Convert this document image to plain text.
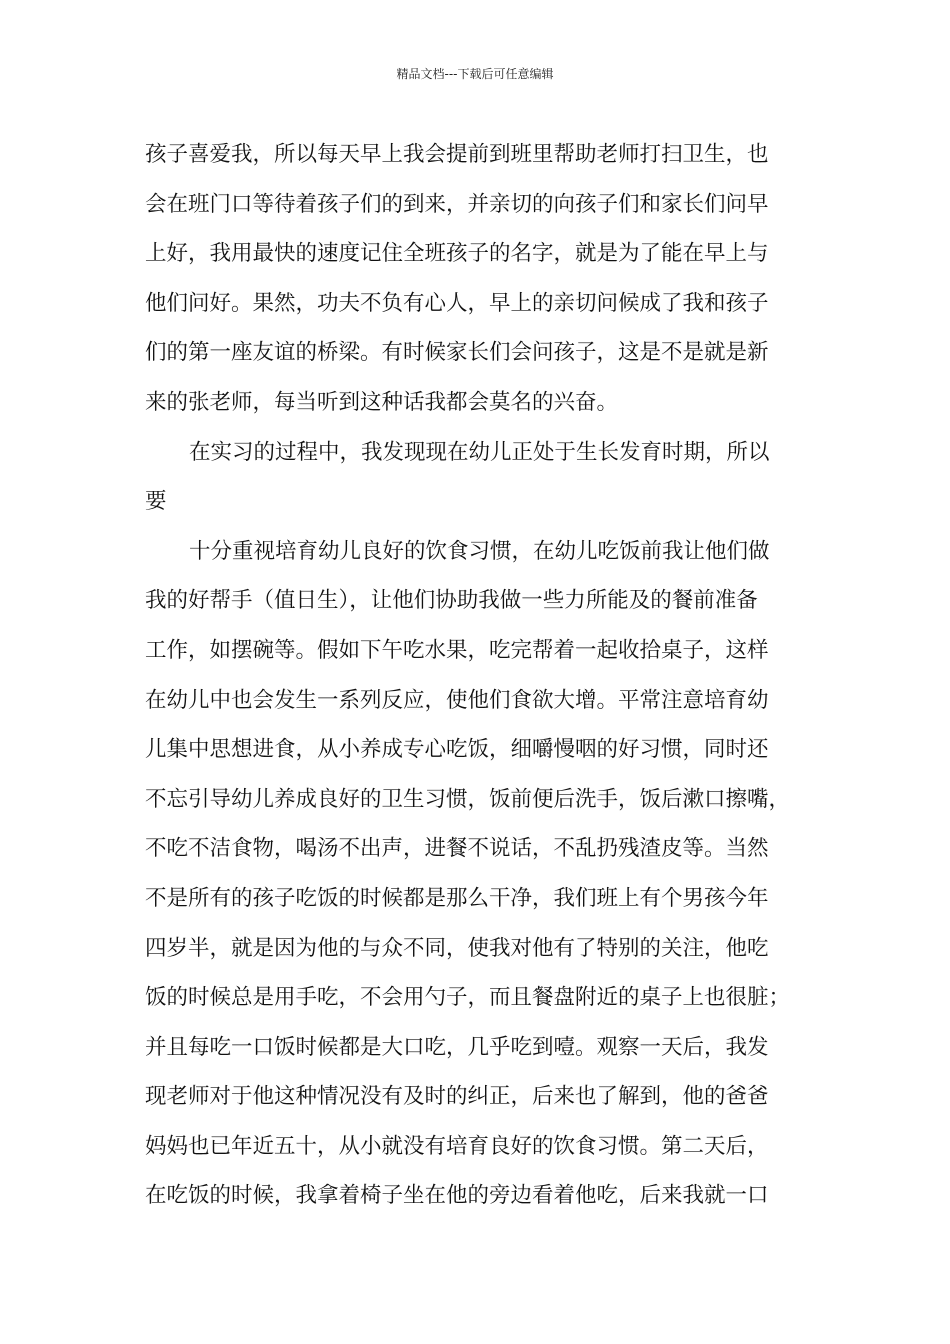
精品文档---下载后可任意编辑
孩子喜爱我，所以每天早上我会提前到班里帮助老师打扫卫生，也
会在班门口等待着孩子们的到来，并亲切的向孩子们和家长们问早
上好，我用最快的速度记住全班孩子的名字，就是为了能在早上与
他们问好。果然，功夫不负有心人，早上的亲切问候成了我和孩子
们的第一座友谊的桥梁。有时候家长们会问孩子，这是不是就是新
来的张老师，每当听到这种话我都会莫名的兴奋。
在实习的过程中，我发现现在幼儿正处于生长发育时期，所以
要
十分重视培育幼儿良好的饮食习惯，在幼儿吃饭前我让他们做
我的好帮手（值日生），让他们协助我做一些力所能及的餐前准备
工作，如摆碗等。假如下午吃水果，吃完帮着一起收拾桌子，这样
在幼儿中也会发生一系列反应，使他们食欲大增。平常注意培育幼
儿集中思想进食，从小养成专心吃饭，细嚼慢咽的好习惯，同时还
不忘引导幼儿养成良好的卫生习惯，饭前便后洗手，饭后漱口擦嘴，
不吃不洁食物，喝汤不出声，进餐不说话，不乱扔残渣皮等。当然
不是所有的孩子吃饭的时候都是那么干净，我们班上有个男孩今年
四岁半，就是因为他的与众不同，使我对他有了特别的关注，他吃
饭的时候总是用手吃，不会用勺子，而且餐盘附近的桌子上也很脏；
并且每吃一口饭时候都是大口吃，几乎吃到噎。观察一天后，我发
现老师对于他这种情况没有及时的纠正，后来也了解到，他的爸爸
妈妈也已年近五十，从小就没有培育良好的饮食习惯。第二天后，
在吃饭的时候，我拿着椅子坐在他的旁边看着他吃，后来我就一口
